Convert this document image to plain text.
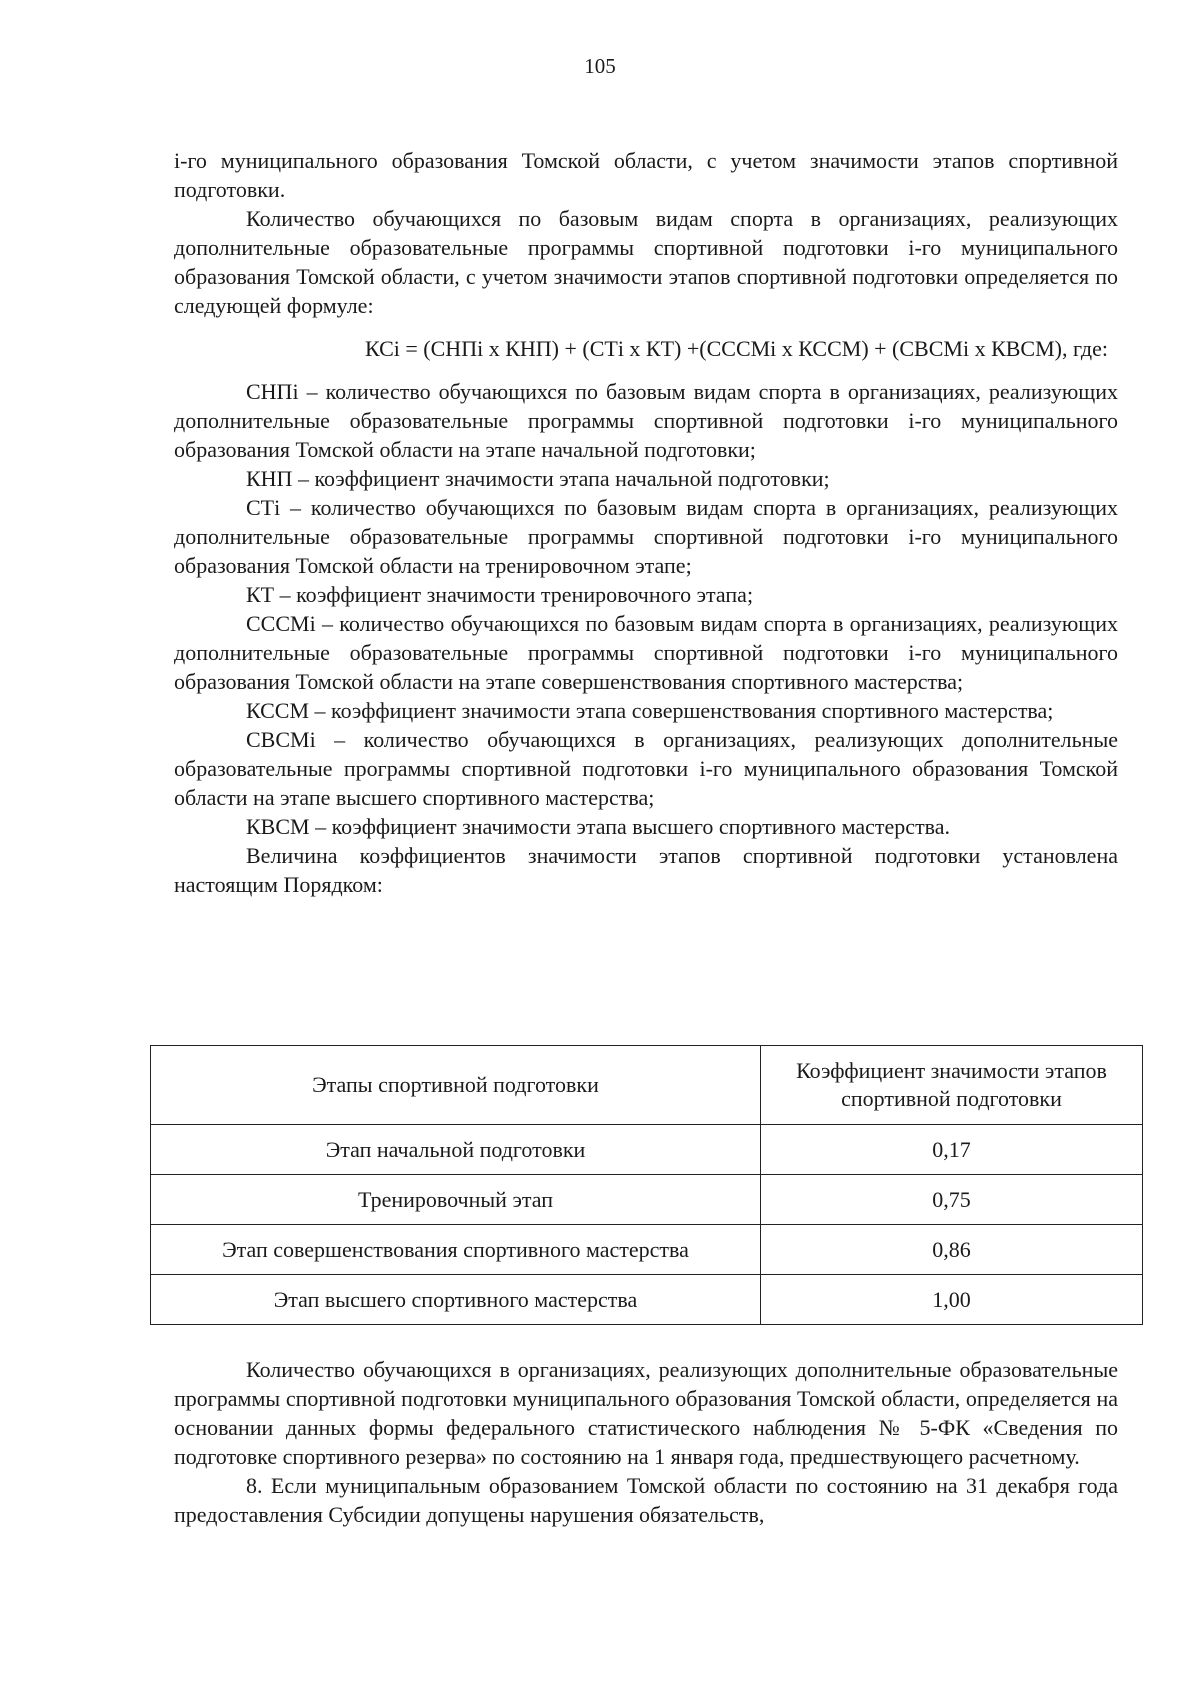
105

i-го муниципального образования Томской области, с учетом значимости этапов спортивной подготовки.

Количество обучающихся по базовым видам спорта в организациях, реализующих дополнительные образовательные программы спортивной подготовки i-го муниципального образования Томской области, с учетом значимости этапов спортивной подготовки определяется по следующей формуле:

КСi = (СНПi х КНП) + (СТi х КТ) +(СССМi х КССМ) + (СВСМi х КВСМ), где:

СНПi – количество обучающихся по базовым видам спорта в организациях, реализующих дополнительные образовательные программы спортивной подготовки i-го муниципального образования Томской области на этапе начальной подготовки;

КНП – коэффициент значимости этапа начальной подготовки;

СТi – количество обучающихся по базовым видам спорта в организациях, реализующих дополнительные образовательные программы спортивной подготовки i-го муниципального образования Томской области на тренировочном этапе;

КТ – коэффициент значимости тренировочного этапа;

СССМi – количество обучающихся по базовым видам спорта в организациях, реализующих дополнительные образовательные программы спортивной подготовки i-го муниципального образования Томской области на этапе совершенствования спортивного мастерства;

КССМ – коэффициент значимости этапа совершенствования спортивного мастерства;

СВСМi – количество обучающихся в организациях, реализующих дополнительные образовательные программы спортивной подготовки i-го муниципального образования Томской области на этапе высшего спортивного мастерства;

КВСМ – коэффициент значимости этапа высшего спортивного мастерства.

Величина коэффициентов значимости этапов спортивной подготовки установлена настоящим Порядком:

Этапы спортивной подготовки	Коэффициент значимости этапов спортивной подготовки
Этап начальной подготовки	0,17
Тренировочный этап	0,75
Этап совершенствования спортивного мастерства	0,86
Этап высшего спортивного мастерства	1,00

Количество обучающихся в организациях, реализующих дополнительные образовательные программы спортивной подготовки муниципального образования Томской области, определяется на основании данных формы федерального статистического наблюдения № 5-ФК «Сведения по подготовке спортивного резерва» по состоянию на 1 января года, предшествующего расчетному.

8. Если муниципальным образованием Томской области по состоянию на 31 декабря года предоставления Субсидии допущены нарушения обязательств,
